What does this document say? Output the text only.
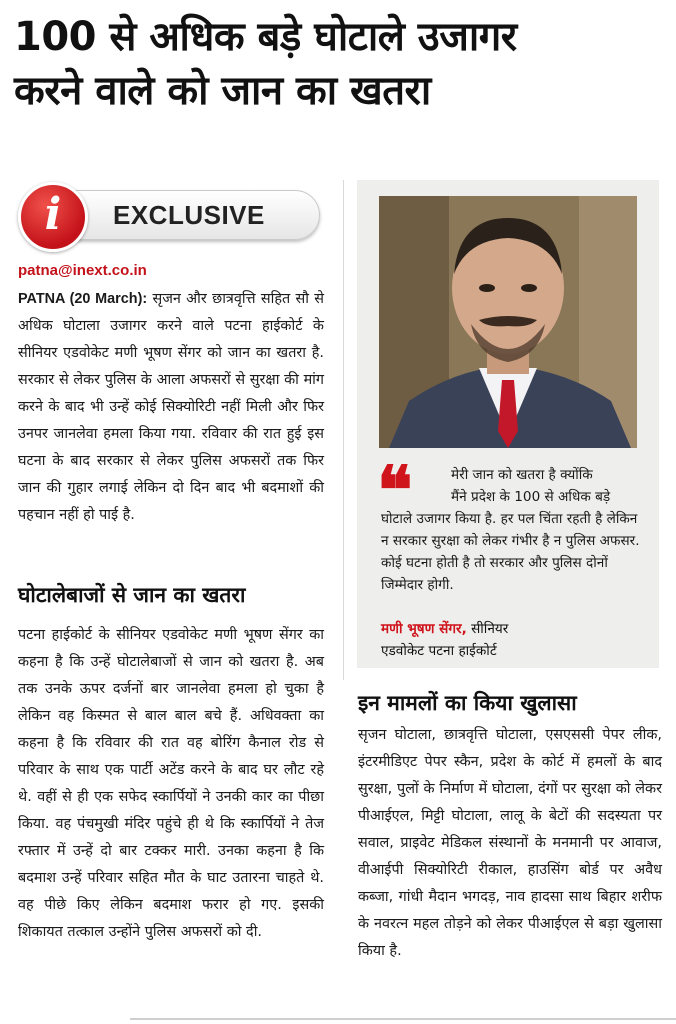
100 से अधिक बड़े घोटाले उजागर
करने वाले को जान का खतरा
EXCLUSIVE
i
patna@inext.co.in
PATNA (20 March): सृजन और छात्रवृत्ति सहित सौ से अधिक घोटाला उजागर करने वाले पटना हाईकोर्ट के सीनियर एडवोकेट मणी भूषण सेंगर को जान का खतरा है. सरकार से लेकर पुलिस के आला अफसरों से सुरक्षा की मांग करने के बाद भी उन्हें कोई सिक्योरिटी नहीं मिली और फिर उनपर जानलेवा हमला किया गया. रविवार की रात हुई इस घटना के बाद सरकार से लेकर पुलिस अफसरों तक फिर जान की गुहार लगाई लेकिन दो दिन बाद भी बदमाशों की पहचान नहीं हो पाई है.
घोटालेबाजों से जान का खतरा
पटना हाईकोर्ट के सीनियर एडवोकेट मणी भूषण सेंगर का कहना है कि उन्हें घोटालेबाजों से जान को खतरा है. अब तक उनके ऊपर दर्जनों बार जानलेवा हमला हो चुका है लेकिन वह किस्मत से बाल बाल बचे हैं. अधिवक्ता का कहना है कि रविवार की रात वह बोरिंग कैनाल रोड से परिवार के साथ एक पार्टी अटेंड करने के बाद घर लौट रहे थे. वहीं से ही एक सफेद स्कार्पियों ने उनकी कार का पीछा किया. वह पंचमुखी मंदिर पहुंचे ही थे कि स्कार्पियों ने तेज रफ्तार में उन्हें दो बार टक्कर मारी. उनका कहना है कि बदमाश उन्हें परिवार सहित मौत के घाट उतारना चाहते थे. वह पीछे किए लेकिन बदमाश फरार हो गए. इसकी शिकायत तत्काल उन्होंने पुलिस अफसरों को दी.
❝	मेरी जान को खतरा है क्योंकि
मैंने प्रदेश के 100 से अधिक बड़े
घोटाले उजागर किया है. हर पल चिंता रहती है लेकिन न सरकार सुरक्षा को लेकर गंभीर है न पुलिस अफसर. कोई घटना होती है तो सरकार और पुलिस दोनों जिम्मेदार होगी.
मणी भूषण सेंगर, सीनियर
एडवोकेट पटना हाईकोर्ट
इन मामलों का किया खुलासा
सृजन घोटाला, छात्रवृत्ति घोटाला, एसएससी पेपर लीक, इंटरमीडिएट पेपर स्कैन, प्रदेश के कोर्ट में हमलों के बाद सुरक्षा, पुलों के निर्माण में घोटाला, दंगों पर सुरक्षा को लेकर पीआईएल, मिट्टी घोटाला, लालू के बेटों की सदस्यता पर सवाल, प्राइवेट मेडिकल संस्थानों के मनमानी पर आवाज, वीआईपी सिक्योरिटी रीकाल, हाउसिंग बोर्ड पर अवैध कब्जा, गांधी मैदान भगदड़, नाव हादसा साथ बिहार शरीफ के नवरत्न महल तोड़ने को लेकर पीआईएल से बड़ा खुलासा किया है.
